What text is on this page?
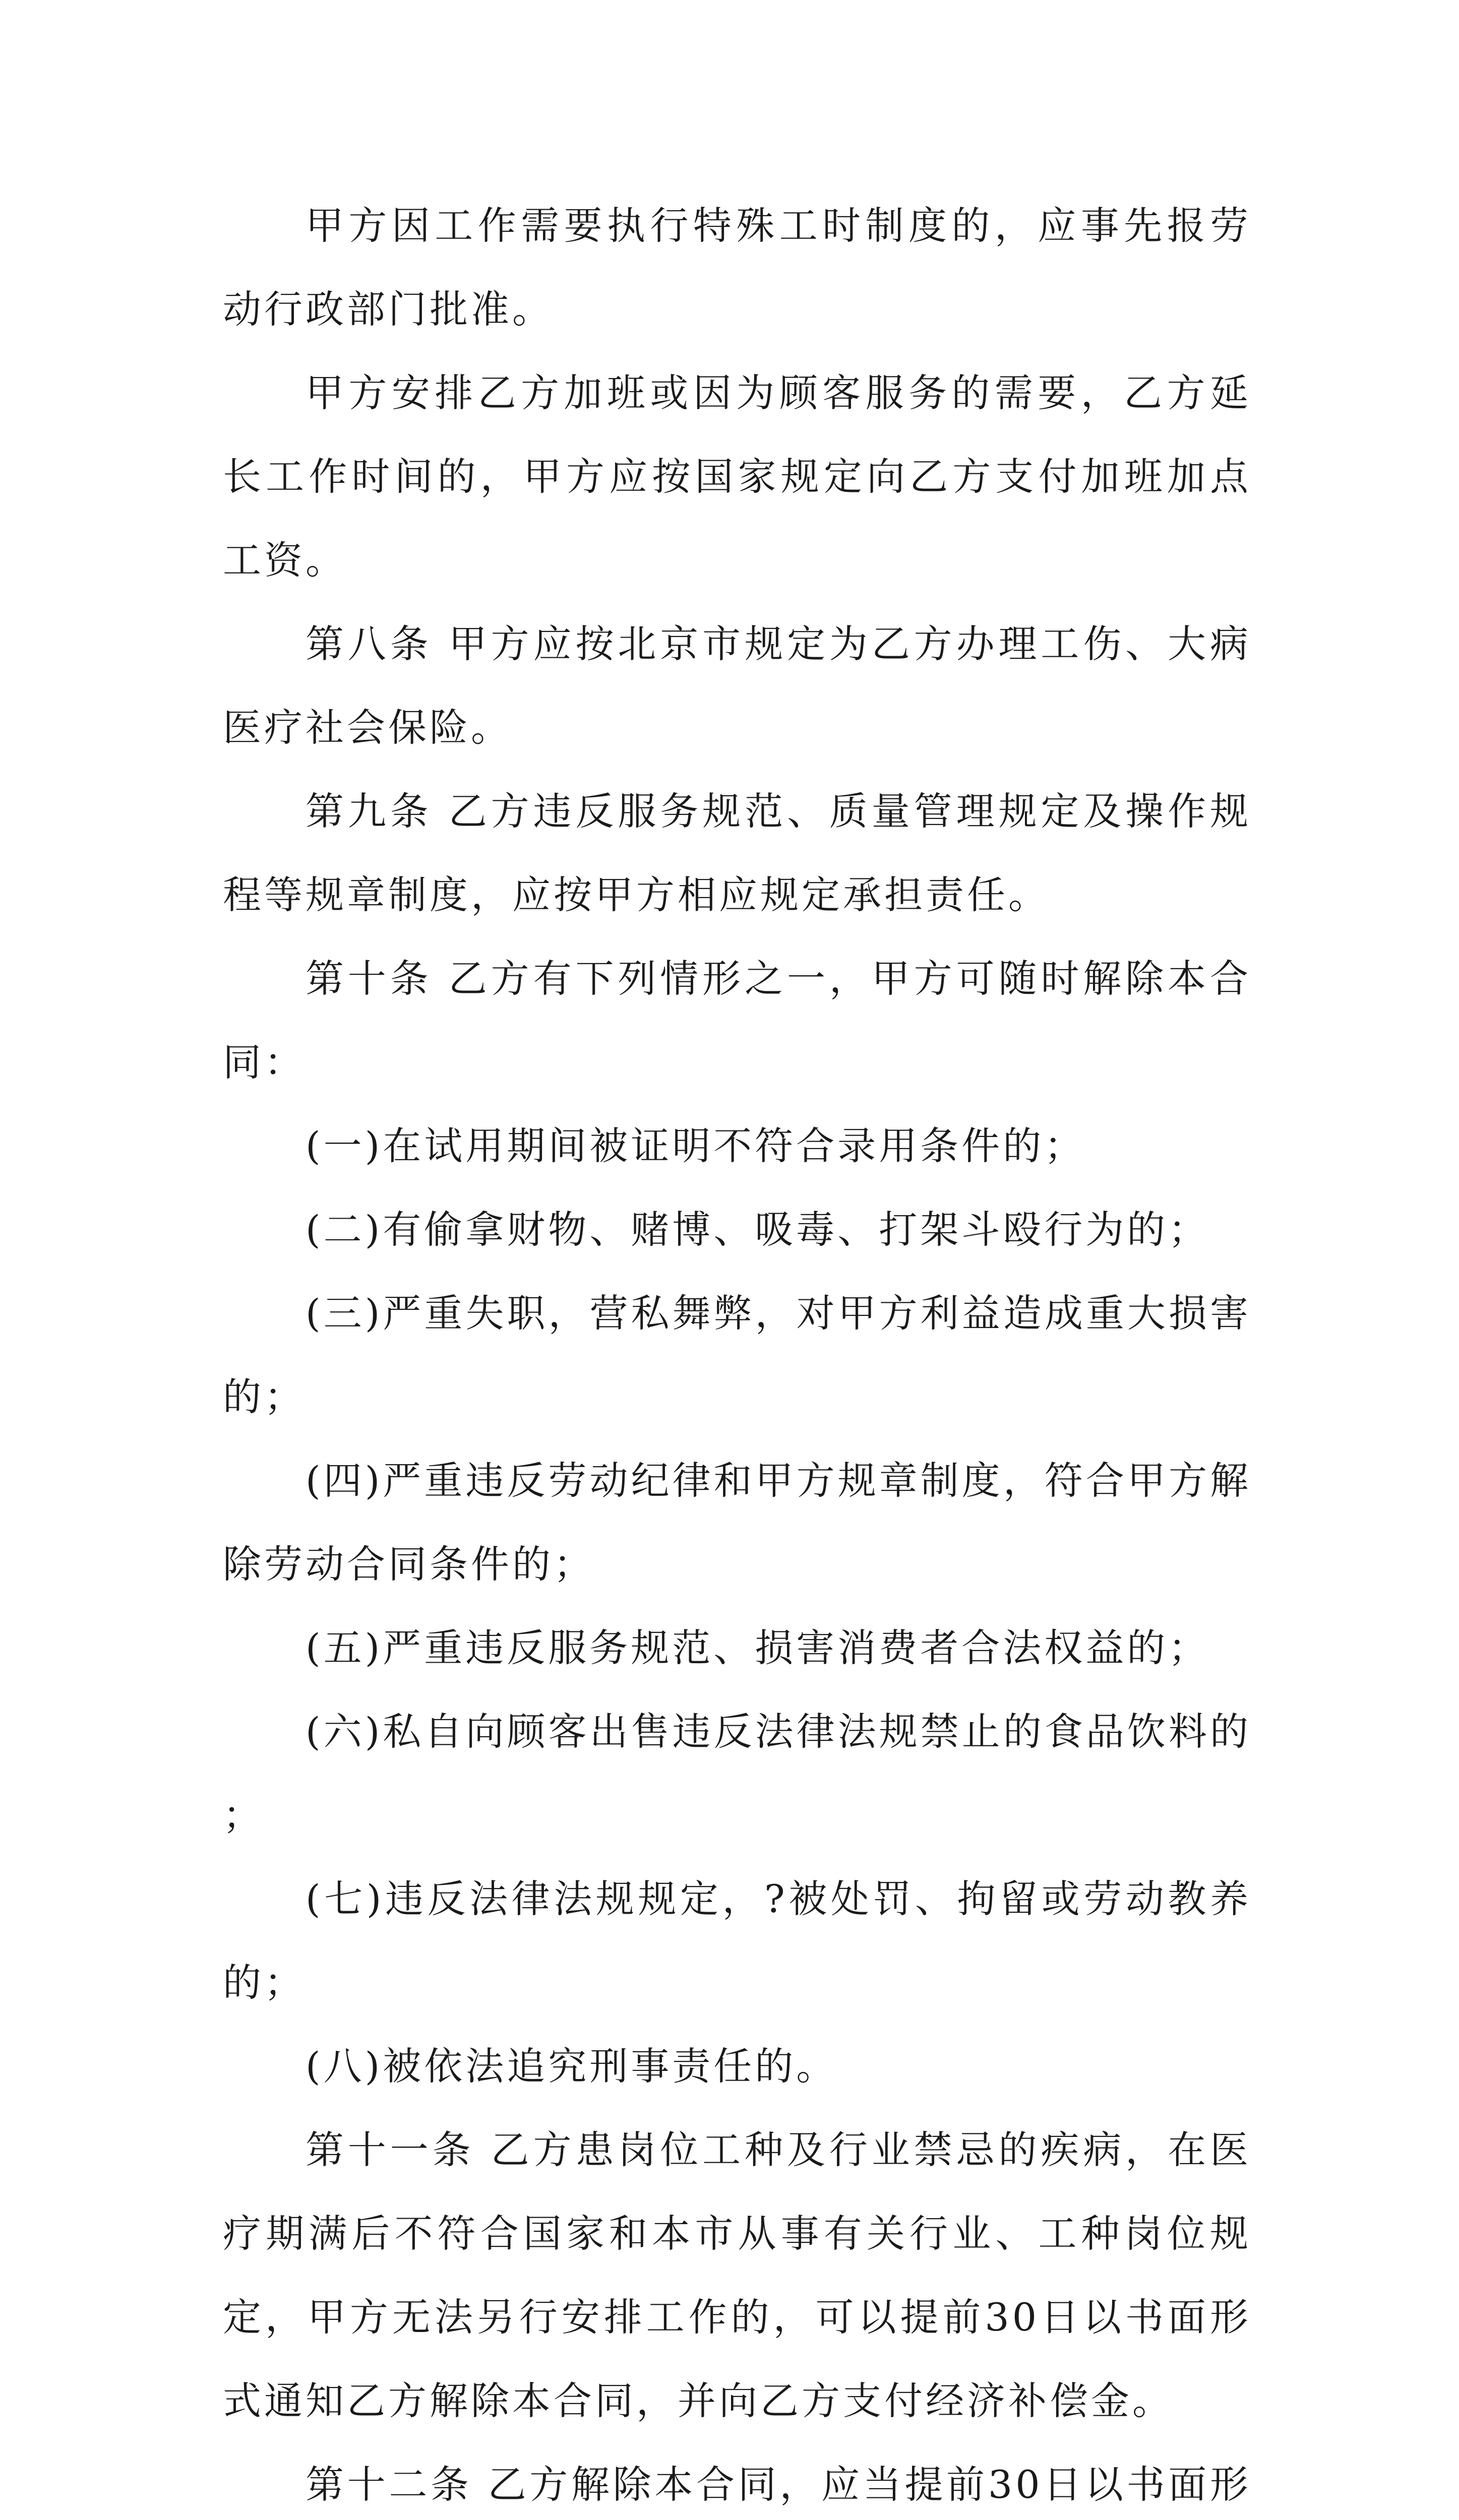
甲方因工作需要执行特殊工时制度的，应事先报劳动行政部门批准。

甲方安排乙方加班或因为顾客服务的需要，乙方延长工作时间的，甲方应按国家规定向乙方支付加班加点工资。

第八条 甲方应按北京市规定为乙方办理工伤、大病医疗社会保险。

第九条 乙方违反服务规范、质量管理规定及操作规程等规章制度，应按甲方相应规定承担责任。

第十条 乙方有下列情形之一，甲方可随时解除本合同：

(一)在试用期间被证明不符合录用条件的；

(二)有偷拿财物、赌博、吸毒、打架斗殴行为的；

(三)严重失职，营私舞弊，对甲方利益造成重大损害的；

(四)严重违反劳动纪律和甲方规章制度，符合甲方解除劳动合同条件的；

(五)严重违反服务规范、损害消费者合法权益的；

(六)私自向顾客出售违反法律法规禁止的食品饮料的；

(七)违反法律法规规定，?被处罚、拘留或劳动教养的；

(八)被依法追究刑事责任的。

第十一条 乙方患岗位工种及行业禁忌的疾病，在医疗期满后不符合国家和本市从事有关行业、工种岗位规定，甲方无法另行安排工作的，可以提前30日以书面形式通知乙方解除本合同，并向乙方支付经济补偿金。

第十二条 乙方解除本合同，应当提前30日以书面形
